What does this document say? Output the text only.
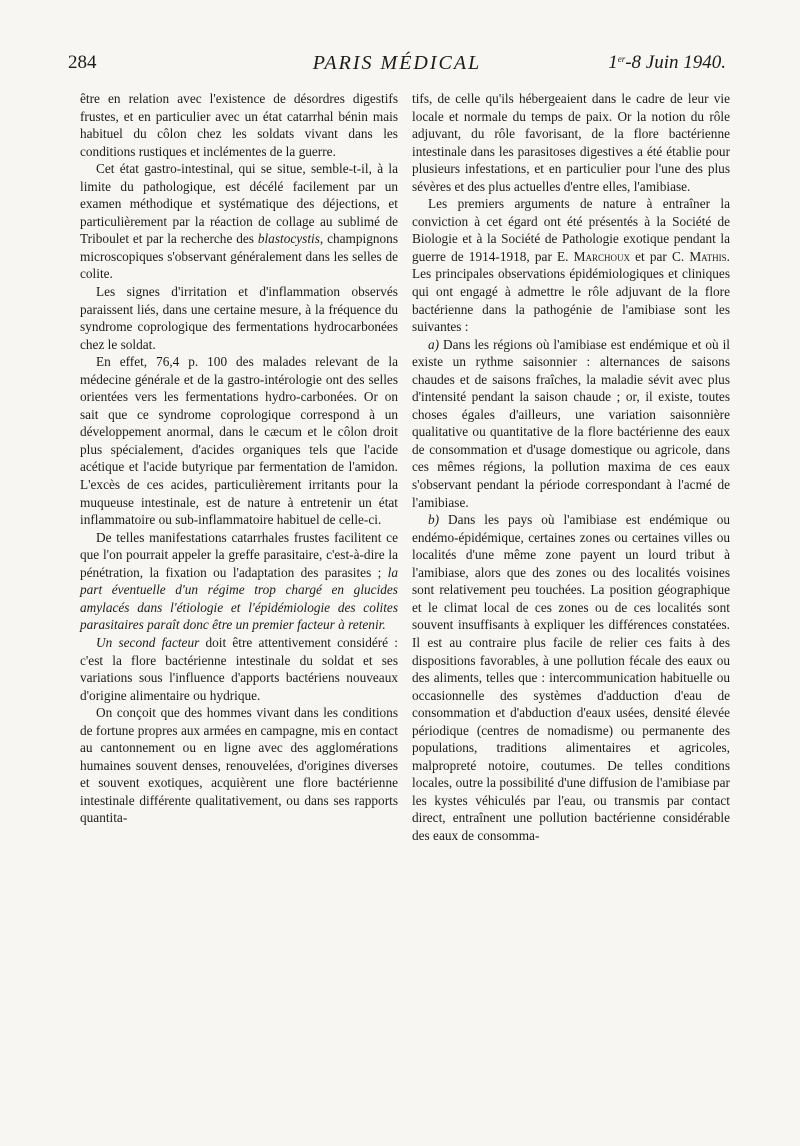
284	PARIS MÉDICAL	1er-8 Juin 1940.

être en relation avec l'existence de désordres digestifs frustes, et en particulier avec un état catarrhal bénin mais habituel du côlon chez les soldats vivant dans les conditions rustiques et inclémentes de la guerre.

Cet état gastro-intestinal, qui se situe, semble-t-il, à la limite du pathologique, est décélé facilement par un examen méthodique et systématique des déjections, et particulièrement par la réaction de collage au sublimé de Triboulet et par la recherche des blastocystis, champignons microscopiques s'observant généralement dans les selles de colite.

Les signes d'irritation et d'inflammation observés paraissent liés, dans une certaine mesure, à la fréquence du syndrome coprologique des fermentations hydrocarbonées chez le soldat.

En effet, 76,4 p. 100 des malades relevant de la médecine générale et de la gastro-intérologie ont des selles orientées vers les fermentations hydro-carbonées. Or on sait que ce syndrome coprologique correspond à un développement anormal, dans le cæcum et le côlon droit plus spécialement, d'acides organiques tels que l'acide acétique et l'acide butyrique par fermentation de l'amidon. L'excès de ces acides, particulièrement irritants pour la muqueuse intestinale, est de nature à entretenir un état inflammatoire ou sub-inflammatoire habituel de celle-ci.

De telles manifestations catarrhales frustes facilitent ce que l'on pourrait appeler la greffe parasitaire, c'est-à-dire la pénétration, la fixation ou l'adaptation des parasites ; la part éventuelle d'un régime trop chargé en glucides amylacés dans l'étiologie et l'épidémiologie des colites parasitaires paraît donc être un premier facteur à retenir.

Un second facteur doit être attentivement considéré : c'est la flore bactérienne intestinale du soldat et ses variations sous l'influence d'apports bactériens nouveaux d'origine alimentaire ou hydrique.

On conçoit que des hommes vivant dans les conditions de fortune propres aux armées en campagne, mis en contact au cantonnement ou en ligne avec des agglomérations humaines souvent denses, renouvelées, d'origines diverses et souvent exotiques, acquièrent une flore bactérienne intestinale différente qualitativement, ou dans ses rapports quantita-

tifs, de celle qu'ils hébergeaient dans le cadre de leur vie locale et normale du temps de paix. Or la notion du rôle adjuvant, du rôle favorisant, de la flore bactérienne intestinale dans les parasitoses digestives a été établie pour plusieurs infestations, et en particulier pour l'une des plus sévères et des plus actuelles d'entre elles, l'amibiase.

Les premiers arguments de nature à entraîner la conviction à cet égard ont été présentés à la Société de Biologie et à la Société de Pathologie exotique pendant la guerre de 1914-1918, par E. Marchoux et par C. Mathis. Les principales observations épidémiologiques et cliniques qui ont engagé à admettre le rôle adjuvant de la flore bactérienne dans la pathogénie de l'amibiase sont les suivantes :

a) Dans les régions où l'amibiase est endémique et où il existe un rythme saisonnier : alternances de saisons chaudes et de saisons fraîches, la maladie sévit avec plus d'intensité pendant la saison chaude ; or, il existe, toutes choses égales d'ailleurs, une variation saisonnière qualitative ou quantitative de la flore bactérienne des eaux de consommation et d'usage domestique ou agricole, dans ces mêmes régions, la pollution maxima de ces eaux s'observant pendant la période correspondant à l'acmé de l'amibiase.

b) Dans les pays où l'amibiase est endémique ou endémo-épidémique, certaines zones ou certaines villes ou localités d'une même zone payent un lourd tribut à l'amibiase, alors que des zones ou des localités voisines sont relativement peu touchées. La position géographique et le climat local de ces zones ou de ces localités sont souvent insuffisants à expliquer les différences constatées. Il est au contraire plus facile de relier ces faits à des dispositions favorables, à une pollution fécale des eaux ou des aliments, telles que : intercommunication habituelle ou occasionnelle des systèmes d'adduction d'eau de consommation et d'abduction d'eaux usées, densité élevée périodique (centres de nomadisme) ou permanente des populations, traditions alimentaires et agricoles, malpropreté notoire, coutumes. De telles conditions locales, outre la possibilité d'une diffusion de l'amibiase par les kystes véhiculés par l'eau, ou transmis par contact direct, entraînent une pollution bactérienne considérable des eaux de consomma-
